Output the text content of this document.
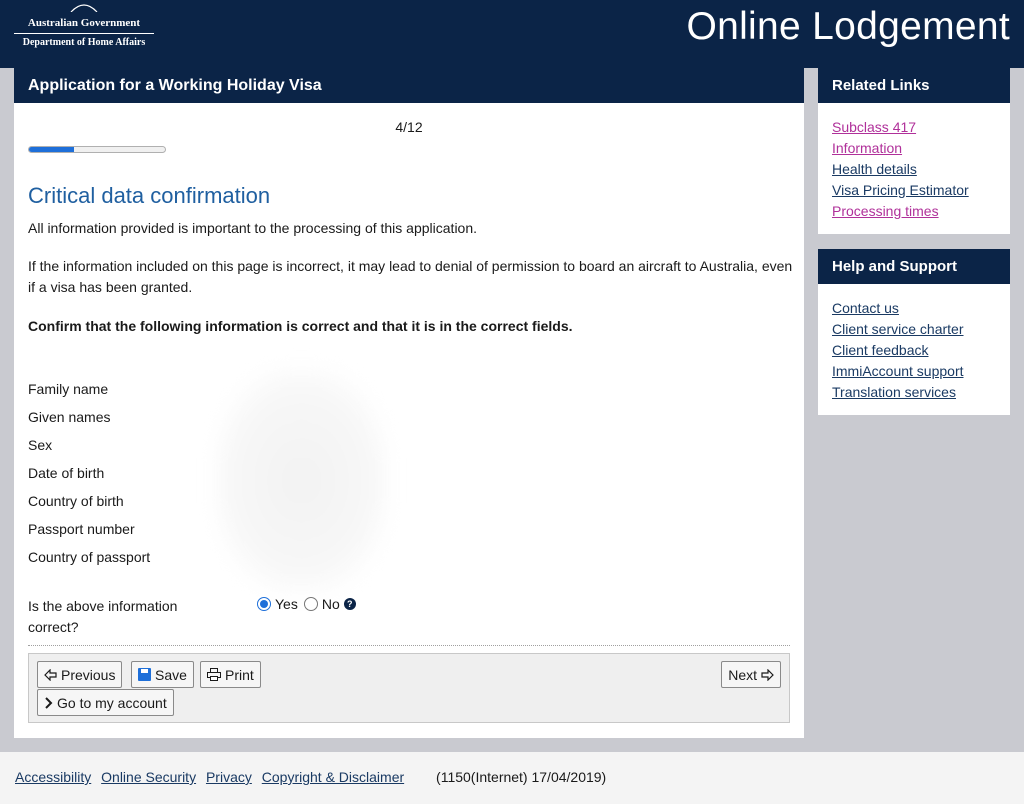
Australian Government
Department of Home Affairs	Online Lodgement
Application for a Working Holiday Visa
4/12
Critical data confirmation

All information provided is important to the processing of this application.

If the information included on this page is incorrect, it may lead to denial of permission to board an aircraft to Australia, even if a visa has been granted.

Confirm that the following information is correct and that it is in the correct fields.

Family name
Given names
Sex
Date of birth
Country of birth
Passport number
Country of passport
Is the above information correct?
Yes No ?
Previous	Save	Print	Next
Go to my account
Related Links
Subclass 417
Information
Health details
Visa Pricing Estimator
Processing times
Help and Support
Contact us
Client service charter
Client feedback
ImmiAccount support
Translation services
Accessibility Online Security Privacy Copyright & Disclaimer (1150(Internet) 17/04/2019)
